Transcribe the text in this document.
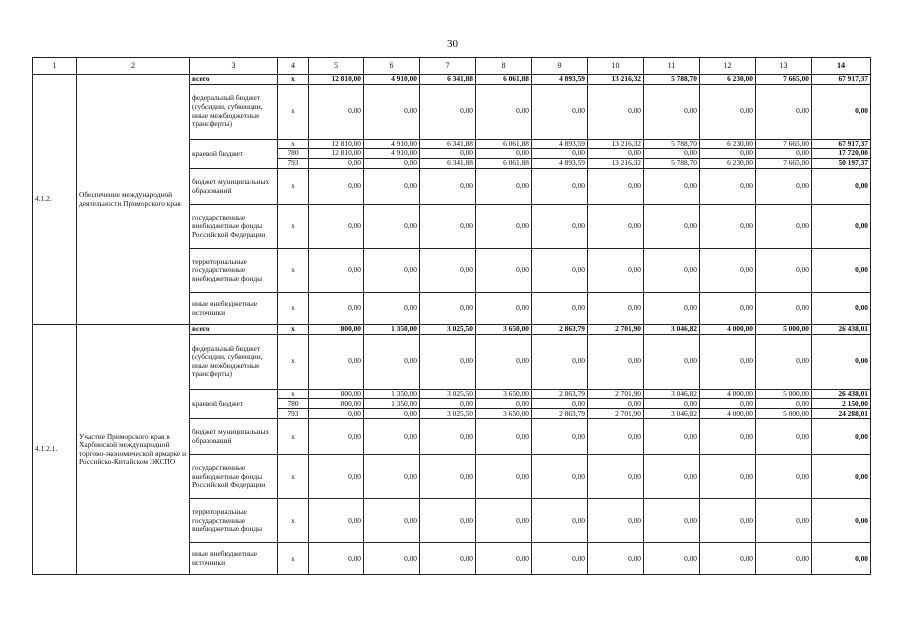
30
1	2	3	4	5	6	7	8	9	10	11	12	13	14
4.1.2.	Обеспечение международной деятельности Приморского края	всего	x	12 810,00	4 910,00	6 341,88	6 061,88	4 893,59	13 216,32	5 788,70	6 230,00	7 665,00	67 917,37
		федеральный бюджет (субсидии, субвенции, иные межбюджетные трансферты)	x	0,00	0,00	0,00	0,00	0,00	0,00	0,00	0,00	0,00	0,00
		краевой бюджет	x	12 810,00	4 910,00	6 341,88	6 061,88	4 893,59	13 216,32	5 788,70	6 230,00	7 665,00	67 917,37
			780	12 810,00	4 910,00	0,00	0,00	0,00	0,00	0,00	0,00	0,00	17 720,00
			793	0,00	0,00	6 341,88	6 061,88	4 893,59	13 216,32	5 788,70	6 230,00	7 665,00	50 197,37
		бюджет муниципальных образований	x	0,00	0,00	0,00	0,00	0,00	0,00	0,00	0,00	0,00	0,00
		государственные внебюджетные фонды Российской Федерации	x	0,00	0,00	0,00	0,00	0,00	0,00	0,00	0,00	0,00	0,00
		территориальные государственные внебюджетные фонды	x	0,00	0,00	0,00	0,00	0,00	0,00	0,00	0,00	0,00	0,00
		иные внебюджетные источники	x	0,00	0,00	0,00	0,00	0,00	0,00	0,00	0,00	0,00	0,00
4.1.2.1.	Участие Приморского края в Харбинской международной торгово-экономической ярмарке и Российско-Китайском ЭКСПО	всего	x	800,00	1 350,00	3 025,50	3 650,00	2 863,79	2 701,90	3 046,82	4 000,00	5 000,00	26 438,01
		федеральный бюджет (субсидии, субвенции, иные межбюджетные трансферты)	x	0,00	0,00	0,00	0,00	0,00	0,00	0,00	0,00	0,00	0,00
		краевой бюджет	x	800,00	1 350,00	3 025,50	3 650,00	2 863,79	2 701,90	3 046,82	4 000,00	5 000,00	26 438,01
			780	800,00	1 350,00	0,00	0,00	0,00	0,00	0,00	0,00	0,00	2 150,00
			793	0,00	0,00	3 025,50	3 650,00	2 863,79	2 701,90	3 046,82	4 000,00	5 000,00	24 288,01
		бюджет муниципальных образований	x	0,00	0,00	0,00	0,00	0,00	0,00	0,00	0,00	0,00	0,00
		государственные внебюджетные фонды Российской Федерации	x	0,00	0,00	0,00	0,00	0,00	0,00	0,00	0,00	0,00	0,00
		территориальные государственные внебюджетные фонды	x	0,00	0,00	0,00	0,00	0,00	0,00	0,00	0,00	0,00	0,00
		иные внебюджетные источники	x	0,00	0,00	0,00	0,00	0,00	0,00	0,00	0,00	0,00	0,00
